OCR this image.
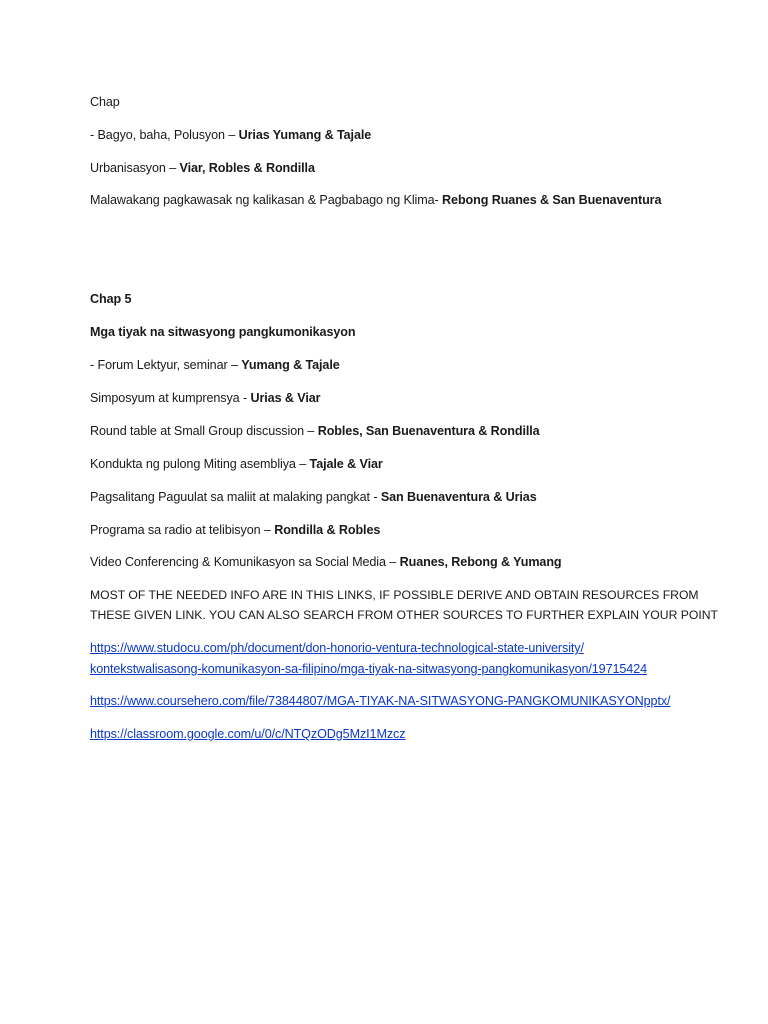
Chap
- Bagyo, baha, Polusyon – Urias Yumang & Tajale
Urbanisasyon – Viar, Robles & Rondilla
Malawakang pagkawasak ng kalikasan & Pagbabago ng Klima- Rebong Ruanes & San Buenaventura
Chap 5
Mga tiyak na sitwasyong pangkumonikasyon
- Forum Lektyur, seminar – Yumang & Tajale
Simposyum at kumprensya - Urias & Viar
Round table at Small Group discussion – Robles, San Buenaventura & Rondilla
Kondukta ng pulong Miting asembliya – Tajale & Viar
Pagsalitang Paguulat sa maliit at malaking pangkat - San Buenaventura & Urias
Programa sa radio at telibisyon – Rondilla & Robles
Video Conferencing & Komunikasyon sa Social Media – Ruanes, Rebong & Yumang
MOST OF THE NEEDED INFO ARE IN THIS LINKS, IF POSSIBLE DERIVE AND OBTAIN RESOURCES FROM
THESE GIVEN LINK. YOU CAN ALSO SEARCH FROM OTHER SOURCES TO FURTHER EXPLAIN YOUR POINT
https://www.studocu.com/ph/document/don-honorio-ventura-technological-state-university/
kontekstwalisasong-komunikasyon-sa-filipino/mga-tiyak-na-sitwasyong-pangkomunikasyon/19715424
https://www.coursehero.com/file/73844807/MGA-TIYAK-NA-SITWASYONG-PANGKOMUNIKASYONpptx/
https://classroom.google.com/u/0/c/NTQzODg5MzI1Mzcz
